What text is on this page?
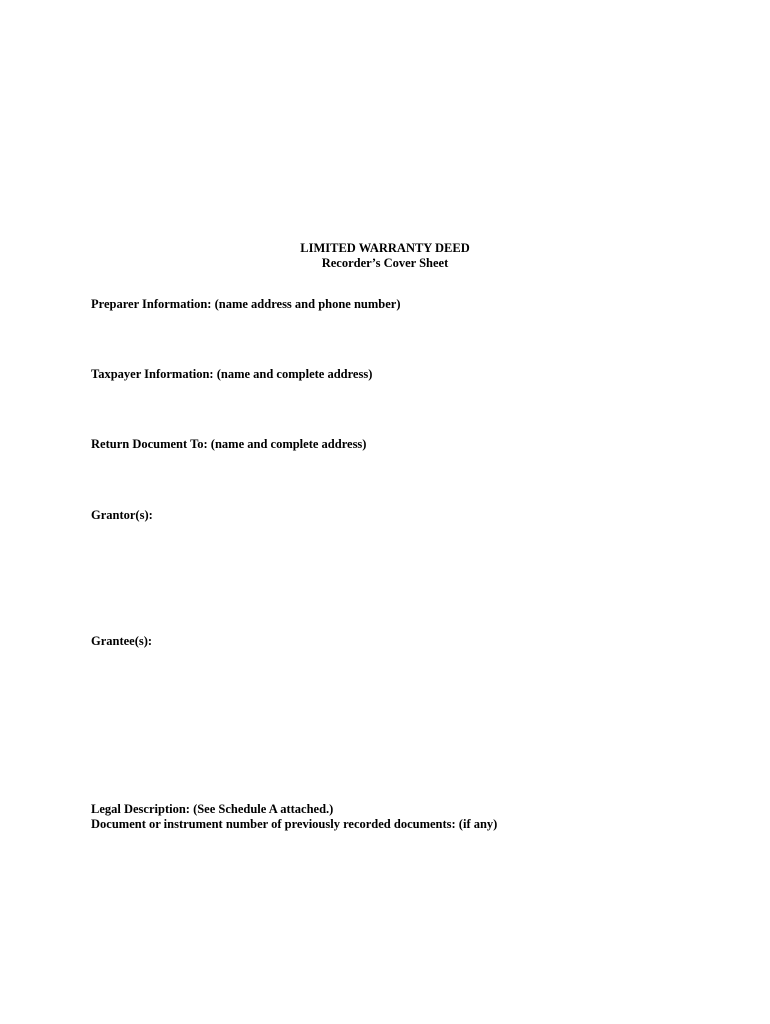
LIMITED WARRANTY DEED
Recorder’s Cover Sheet
Preparer Information: (name address and phone number)
Taxpayer Information: (name and complete address)
Return Document To: (name and complete address)
Grantor(s):
Grantee(s):
Legal Description: (See Schedule A attached.)
Document or instrument number of previously recorded documents: (if any)
